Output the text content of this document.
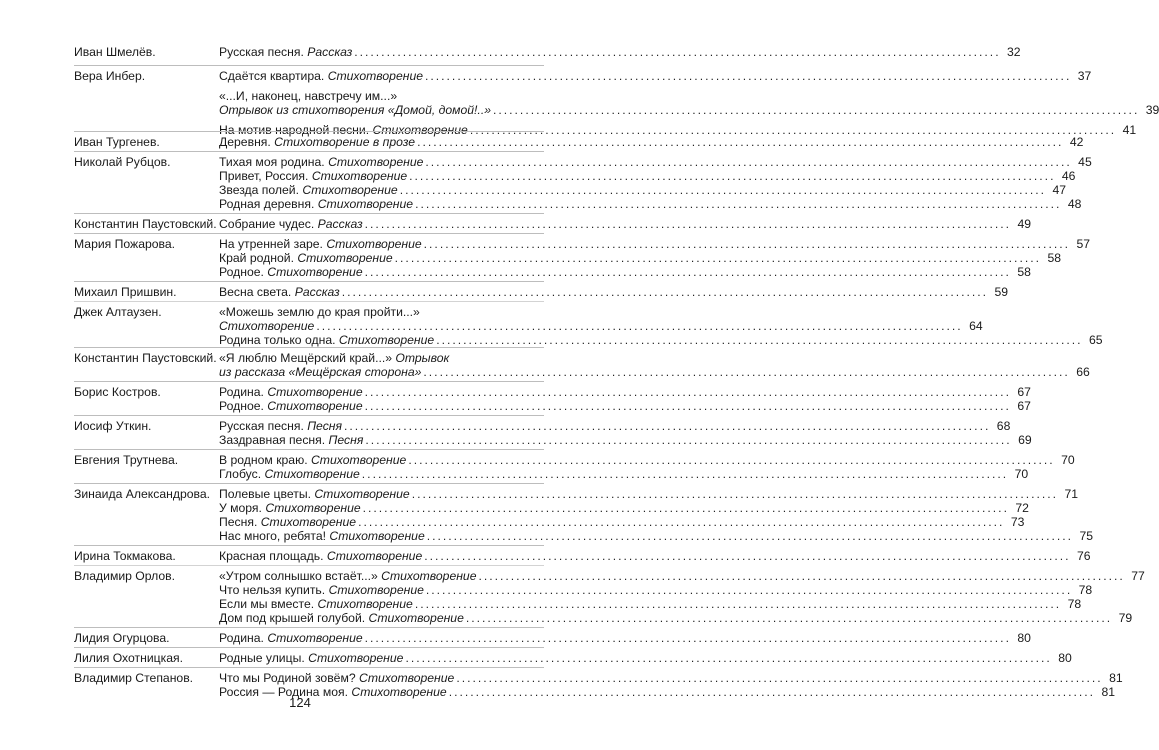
Иван Шмелёв.	Русская песня. Рассказ ........................................................................................................................ 32
Вера Инбер.	Сдаётся квартира. Стихотворение ........................................................................................................................ 37
«...И, наконец, навстречу им...»
Отрывок из стихотворения «Домой, домой!..» ........................................................................................................................ 39
На мотив народной песни. Стихотворение ........................................................................................................................ 41
Иван Тургенев.	Деревня. Стихотворение в прозе ........................................................................................................................ 42
Николай Рубцов.	Тихая моя родина. Стихотворение ........................................................................................................................ 45
Привет, Россия. Стихотворение ........................................................................................................................ 46
Звезда полей. Стихотворение ........................................................................................................................ 47
Родная деревня. Стихотворение ........................................................................................................................ 48
Константин Паустовский. Собрание чудес. Рассказ ........................................................................................................................ 49
Мария Пожарова.	На утренней заре. Стихотворение ........................................................................................................................ 57
Край родной. Стихотворение ........................................................................................................................ 58
Родное. Стихотворение ........................................................................................................................ 58
Михаил Пришвин.	Весна света. Рассказ ........................................................................................................................ 59
Джек Алтаузен.	«Можешь землю до края пройти...»
Стихотворение ........................................................................................................................ 64
Родина только одна. Стихотворение ........................................................................................................................ 65
Константин Паустовский. «Я люблю Мещёрский край...» Отрывок
из рассказа «Мещёрская сторона» ........................................................................................................................ 66
Борис Костров.	Родина. Стихотворение ........................................................................................................................ 67
Родное. Стихотворение ........................................................................................................................ 67
Иосиф Уткин.	Русская песня. Песня ........................................................................................................................ 68
Заздравная песня. Песня ........................................................................................................................ 69
Евгения Трутнева.	В родном краю. Стихотворение ........................................................................................................................ 70
Глобус. Стихотворение ........................................................................................................................ 70
Зинаида Александрова. Полевые цветы. Стихотворение ........................................................................................................................ 71
У моря. Стихотворение ........................................................................................................................ 72
Песня. Стихотворение ........................................................................................................................ 73
Нас много, ребята! Стихотворение ........................................................................................................................ 75
Ирина Токмакова.	Красная площадь. Стихотворение ........................................................................................................................ 76
Владимир Орлов.	«Утром солнышко встаёт...» Стихотворение ........................................................................................................................ 77
Что нельзя купить. Стихотворение ........................................................................................................................ 78
Если мы вместе. Стихотворение ........................................................................................................................ 78
Дом под крышей голубой. Стихотворение ........................................................................................................................ 79
Лидия Огурцова.	Родина. Стихотворение ........................................................................................................................ 80
Лилия Охотницкая.	Родные улицы. Стихотворение ........................................................................................................................ 80
Владимир Степанов. Что мы Родиной зовём? Стихотворение ........................................................................................................................ 81
Россия — Родина моя. Стихотворение ........................................................................................................................ 81
124
